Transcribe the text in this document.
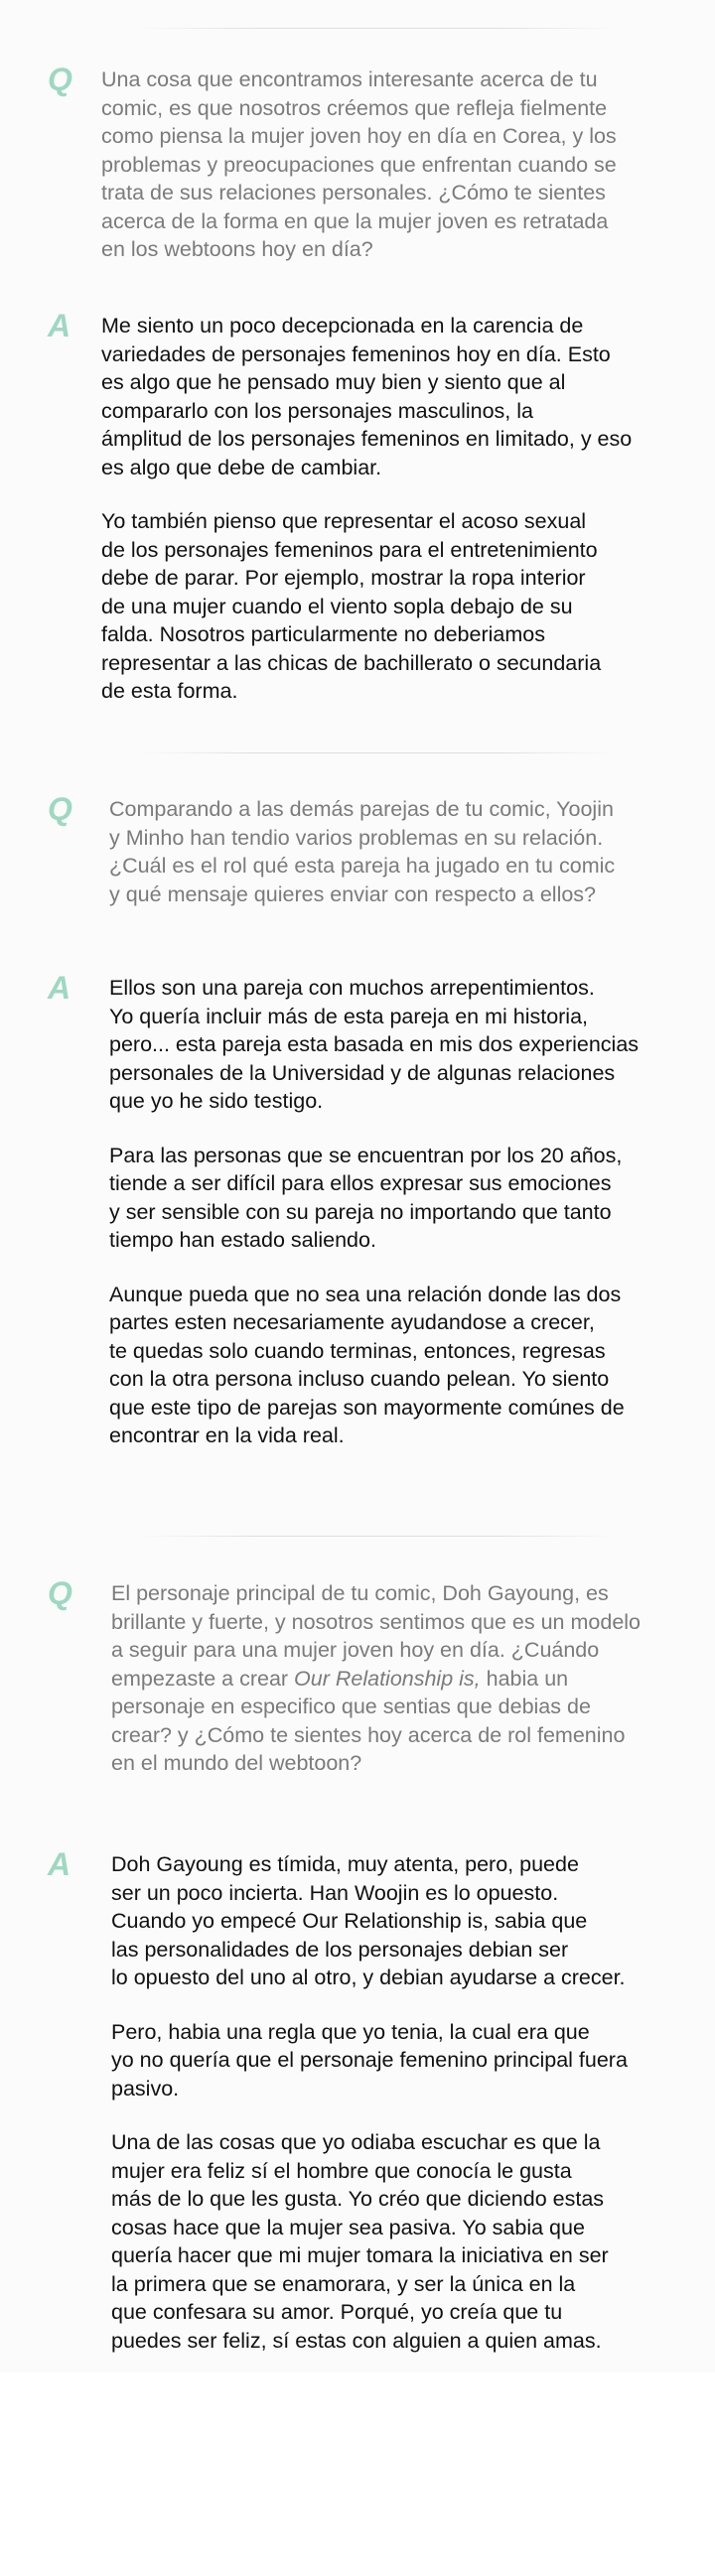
Q Una cosa que encontramos interesante acerca de tu
comic, es que nosotros créemos que refleja fielmente
como piensa la mujer joven hoy en día en Corea, y los
problemas y preocupaciones que enfrentan cuando se
trata de sus relaciones personales. ¿Cómo te sientes
acerca de la forma en que la mujer joven es retratada
en los webtoons hoy en día?
A Me siento un poco decepcionada en la carencia de
variedades de personajes femeninos hoy en día. Esto
es algo que he pensado muy bien y siento que al
compararlo con los personajes masculinos, la
ámplitud de los personajes femeninos en limitado, y eso
es algo que debe de cambiar.

Yo también pienso que representar el acoso sexual
de los personajes femeninos para el entretenimiento
debe de parar. Por ejemplo, mostrar la ropa interior
de una mujer cuando el viento sopla debajo de su
falda. Nosotros particularmente no deberiamos
representar a las chicas de bachillerato o secundaria
de esta forma.

Q Comparando a las demás parejas de tu comic, Yoojin
y Minho han tendio varios problemas en su relación.
¿Cuál es el rol qué esta pareja ha jugado en tu comic
y qué mensaje quieres enviar con respecto a ellos?
A Ellos son una pareja con muchos arrepentimientos.
Yo quería incluir más de esta pareja en mi historia,
pero... esta pareja esta basada en mis dos experiencias
personales de la Universidad y de algunas relaciones
que yo he sido testigo.

Para las personas que se encuentran por los 20 años,
tiende a ser difícil para ellos expresar sus emociones
y ser sensible con su pareja no importando que tanto
tiempo han estado saliendo.

Aunque pueda que no sea una relación donde las dos
partes esten necesariamente ayudandose a crecer,
te quedas solo cuando terminas, entonces, regresas
con la otra persona incluso cuando pelean. Yo siento
que este tipo de parejas son mayormente comúnes de
encontrar en la vida real.

Q El personaje principal de tu comic, Doh Gayoung, es
brillante y fuerte, y nosotros sentimos que es un modelo
a seguir para una mujer joven hoy en día. ¿Cuándo
empezaste a crear Our Relationship is, habia un
personaje en especifico que sentias que debias de
crear? y ¿Cómo te sientes hoy acerca de rol femenino
en el mundo del webtoon?
A Doh Gayoung es tímida, muy atenta, pero, puede
ser un poco incierta. Han Woojin es lo opuesto.
Cuando yo empecé Our Relationship is, sabia que
las personalidades de los personajes debian ser
lo opuesto del uno al otro, y debian ayudarse a crecer.

Pero, habia una regla que yo tenia, la cual era que
yo no quería que el personaje femenino principal fuera
pasivo.

Una de las cosas que yo odiaba escuchar es que la
mujer era feliz sí el hombre que conocía le gusta
más de lo que les gusta. Yo créo que diciendo estas
cosas hace que la mujer sea pasiva. Yo sabia que
quería hacer que mi mujer tomara la iniciativa en ser
la primera que se enamorara, y ser la única en la
que confesara su amor. Porqué, yo creía que tu
puedes ser feliz, sí estas con alguien a quien amas.
